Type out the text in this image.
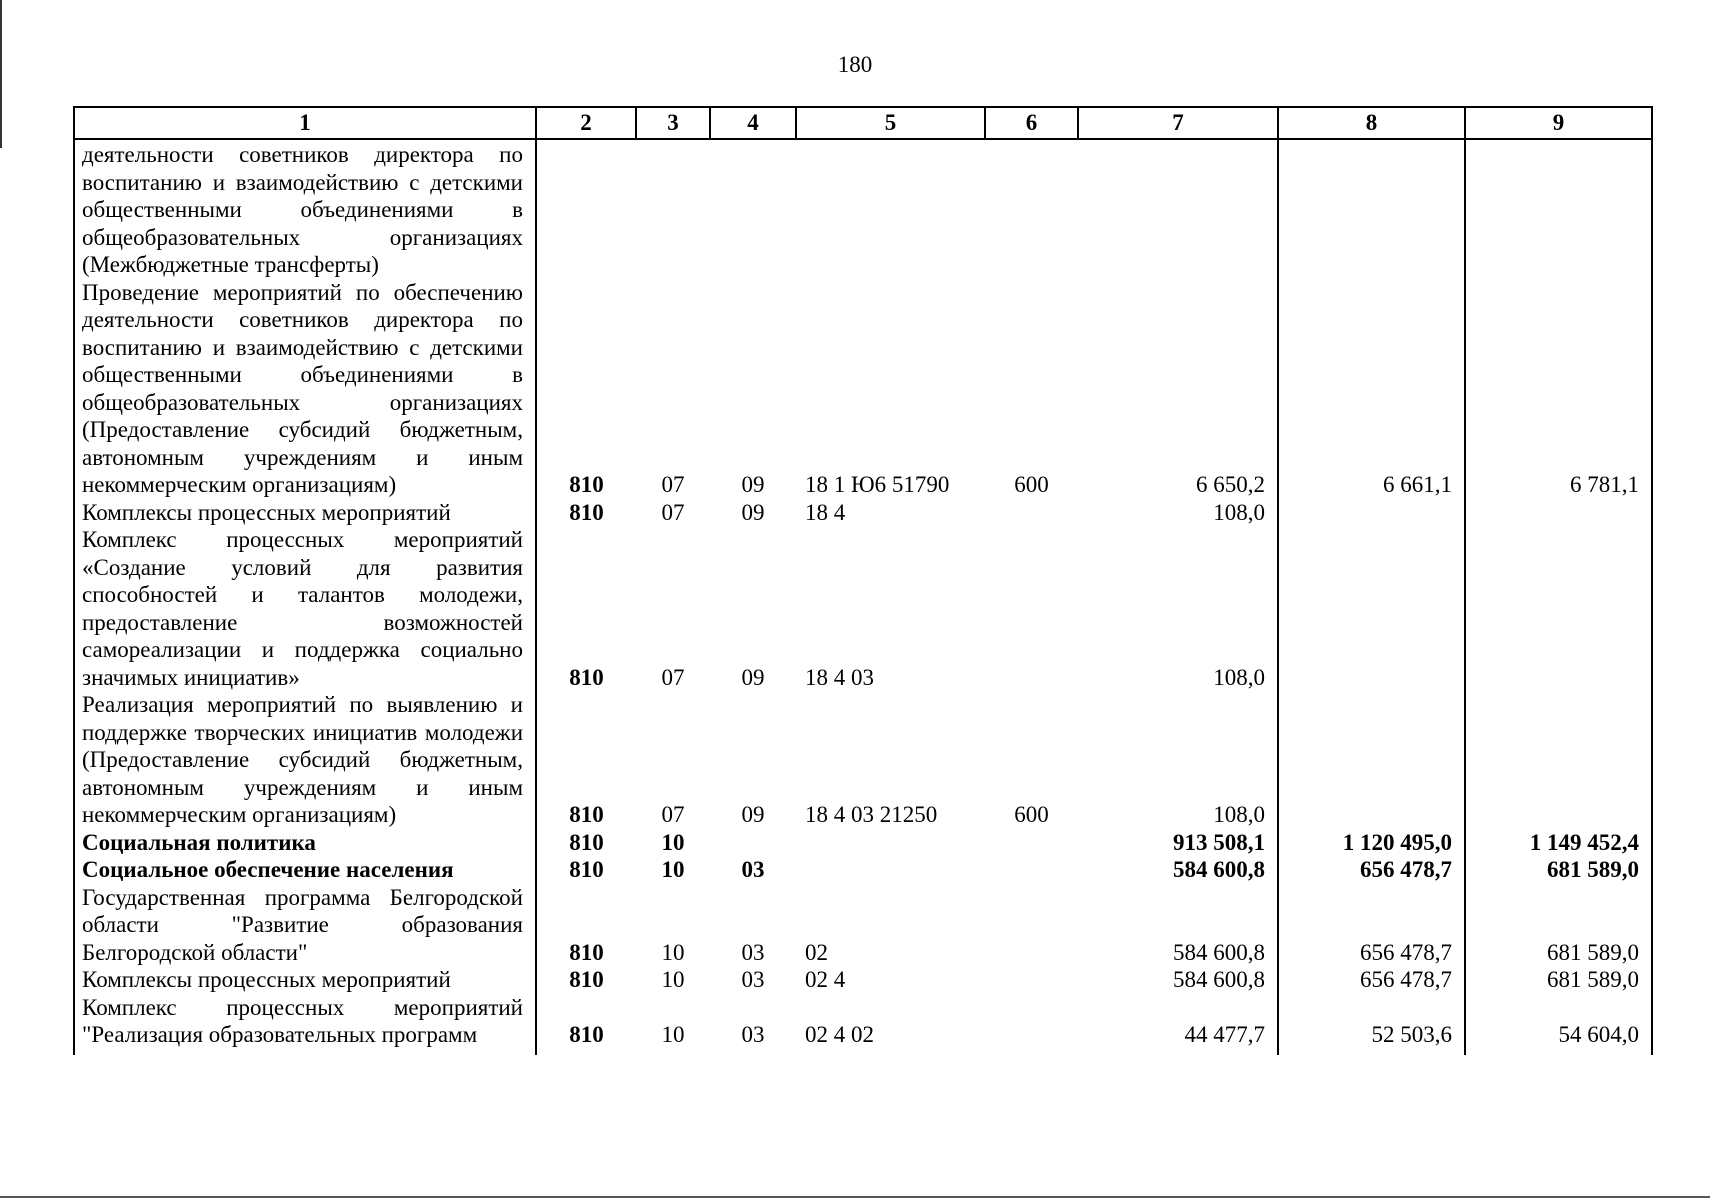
180
1	2	3	4	5	6	7	8	9
деятельности советников директора по воспитанию и взаимодействию с детскими общественными объединениями в общеобразовательных организациях (Межбюджетные трансферты)								
Проведение мероприятий по обеспечению деятельности советников директора по воспитанию и взаимодействию с детскими общественными объединениями в общеобразовательных организациях (Предоставление субсидий бюджетным, автономным учреждениям и иным некоммерческим организациям)	810	07	09	18 1 Ю6 51790	600	6 650,2	6 661,1	6 781,1
Комплексы процессных мероприятий	810	07	09	18 4		108,0		
Комплекс процессных мероприятий «Создание условий для развития способностей и талантов молодежи, предоставление возможностей самореализации и поддержка социально значимых инициатив»	810	07	09	18 4 03		108,0		
Реализация мероприятий по выявлению и поддержке творческих инициатив молодежи (Предоставление субсидий бюджетным, автономным учреждениям и иным некоммерческим организациям)	810	07	09	18 4 03 21250	600	108,0		
Социальная политика	810	10				913 508,1	1 120 495,0	1 149 452,4
Социальное обеспечение населения	810	10	03			584 600,8	656 478,7	681 589,0
Государственная программа Белгородской области "Развитие образования Белгородской области"	810	10	03	02		584 600,8	656 478,7	681 589,0
Комплексы процессных мероприятий	810	10	03	02 4		584 600,8	656 478,7	681 589,0
Комплекс процессных мероприятий "Реализация образовательных программ	810	10	03	02 4 02		44 477,7	52 503,6	54 604,0
